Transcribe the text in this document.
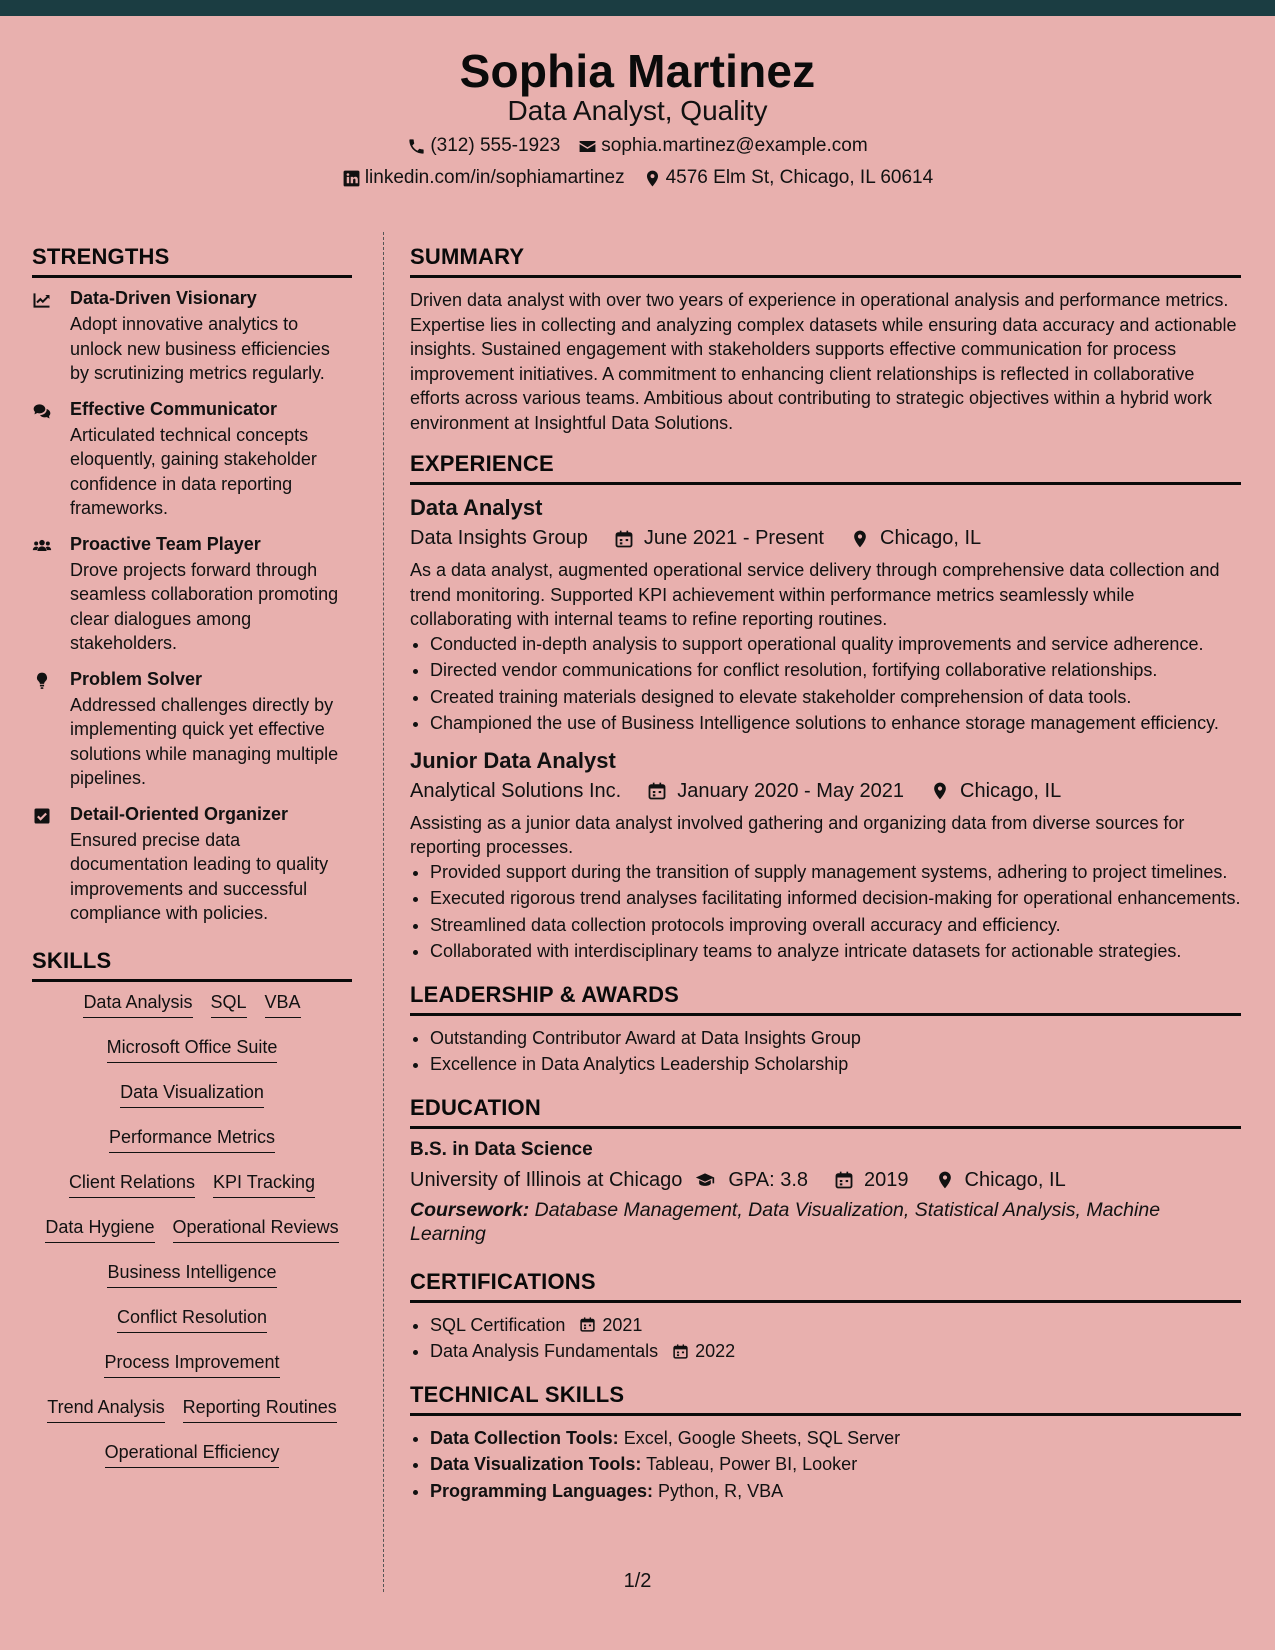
Sophia Martinez
Data Analyst, Quality
(312) 555-1923 sophia.martinez@example.com
linkedin.com/in/sophiamartinez 4576 Elm St, Chicago, IL 60614
STRENGTHS
Data-Driven Visionary
Adopt innovative analytics to unlock new business efficiencies by scrutinizing metrics regularly.
Effective Communicator
Articulated technical concepts eloquently, gaining stakeholder confidence in data reporting frameworks.
Proactive Team Player
Drove projects forward through seamless collaboration promoting clear dialogues among stakeholders.
Problem Solver
Addressed challenges directly by implementing quick yet effective solutions while managing multiple pipelines.
Detail-Oriented Organizer
Ensured precise data documentation leading to quality improvements and successful compliance with policies.
SKILLS
Data Analysis SQL VBA
Microsoft Office Suite
Data Visualization
Performance Metrics
Client Relations KPI Tracking
Data Hygiene Operational Reviews
Business Intelligence
Conflict Resolution
Process Improvement
Trend Analysis Reporting Routines
Operational Efficiency
SUMMARY
Driven data analyst with over two years of experience in operational analysis and performance metrics. Expertise lies in collecting and analyzing complex datasets while ensuring data accuracy and actionable insights. Sustained engagement with stakeholders supports effective communication for process improvement initiatives. A commitment to enhancing client relationships is reflected in collaborative efforts across various teams. Ambitious about contributing to strategic objectives within a hybrid work environment at Insightful Data Solutions.
EXPERIENCE
Data Analyst
Data Insights Group	June 2021 - Present	Chicago, IL
As a data analyst, augmented operational service delivery through comprehensive data collection and trend monitoring. Supported KPI achievement within performance metrics seamlessly while collaborating with internal teams to refine reporting routines.
• Conducted in-depth analysis to support operational quality improvements and service adherence.
• Directed vendor communications for conflict resolution, fortifying collaborative relationships.
• Created training materials designed to elevate stakeholder comprehension of data tools.
• Championed the use of Business Intelligence solutions to enhance storage management efficiency.
Junior Data Analyst
Analytical Solutions Inc.	January 2020 - May 2021	Chicago, IL
Assisting as a junior data analyst involved gathering and organizing data from diverse sources for reporting processes.
• Provided support during the transition of supply management systems, adhering to project timelines.
• Executed rigorous trend analyses facilitating informed decision-making for operational enhancements.
• Streamlined data collection protocols improving overall accuracy and efficiency.
• Collaborated with interdisciplinary teams to analyze intricate datasets for actionable strategies.
LEADERSHIP & AWARDS
• Outstanding Contributor Award at Data Insights Group
• Excellence in Data Analytics Leadership Scholarship
EDUCATION
B.S. in Data Science
University of Illinois at Chicago GPA: 3.8	2019	Chicago, IL
Coursework: Database Management, Data Visualization, Statistical Analysis, Machine Learning
CERTIFICATIONS
• SQL Certification 2021
• Data Analysis Fundamentals 2022
TECHNICAL SKILLS
• Data Collection Tools: Excel, Google Sheets, SQL Server
• Data Visualization Tools: Tableau, Power BI, Looker
• Programming Languages: Python, R, VBA
1/2
